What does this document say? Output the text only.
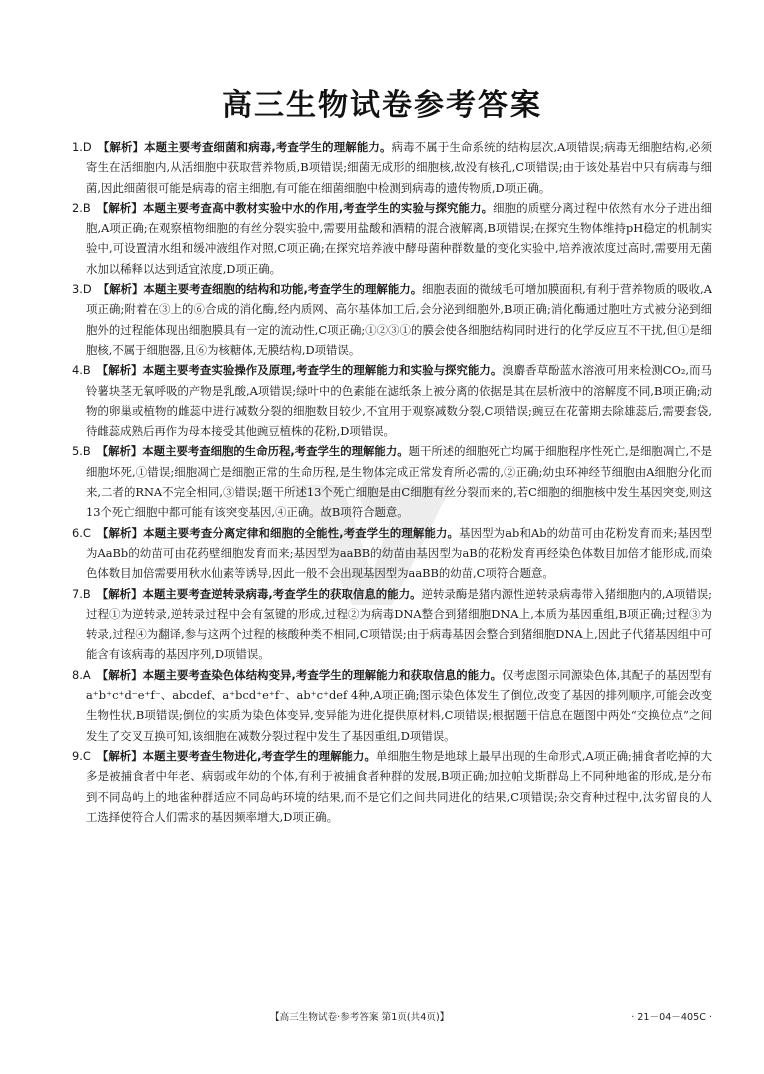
高三生物试卷参考答案

1.D 【解析】本题主要考查细菌和病毒,考查学生的理解能力。病毒不属于生命系统的结构层次,A项错误;病毒无细胞结构,必须寄生在活细胞内,从活细胞中获取营养物质,B项错误;细菌无成形的细胞核,故没有核孔,C项错误;由于该处基岩中只有病毒与细菌,因此细菌很可能是病毒的宿主细胞,有可能在细菌细胞中检测到病毒的遗传物质,D项正确。

2.B 【解析】本题主要考查高中教材实验中水的作用,考查学生的实验与探究能力。细胞的质壁分离过程中依然有水分子进出细胞,A项正确;在观察植物细胞的有丝分裂实验中,需要用盐酸和酒精的混合液解离,B项错误;在探究生物体维持pH稳定的机制实验中,可设置清水组和缓冲液组作对照,C项正确;在探究培养液中酵母菌种群数量的变化实验中,培养液浓度过高时,需要用无菌水加以稀释以达到适宜浓度,D项正确。

3.D 【解析】本题主要考查细胞的结构和功能,考查学生的理解能力。细胞表面的微绒毛可增加膜面积,有利于营养物质的吸收,A项正确;附着在③上的⑥合成的消化酶,经内质网、高尔基体加工后,会分泌到细胞外,B项正确;消化酶通过胞吐方式被分泌到细胞外的过程能体现出细胞膜具有一定的流动性,C项正确;①②③①的膜会使各细胞结构同时进行的化学反应互不干扰,但①是细胞核,不属于细胞器,且⑥为核糖体,无膜结构,D项错误。

4.B 【解析】本题主要考查实验操作及原理,考查学生的理解能力和实验与探究能力。溴麝香草酚蓝水溶液可用来检测CO₂,而马铃薯块茎无氧呼吸的产物是乳酸,A项错误;绿叶中的色素能在滤纸条上被分离的依据是其在层析液中的溶解度不同,B项正确;动物的卵巢或植物的雌蕊中进行减数分裂的细胞数目较少,不宜用于观察减数分裂,C项错误;豌豆在花蕾期去除雄蕊后,需要套袋,待雌蕊成熟后再作为母本接受其他豌豆植株的花粉,D项错误。

5.B 【解析】本题主要考查细胞的生命历程,考查学生的理解能力。题干所述的细胞死亡均属于细胞程序性死亡,是细胞凋亡,不是细胞坏死,①错误;细胞凋亡是细胞正常的生命历程,是生物体完成正常发育所必需的,②正确;幼虫环神经节细胞由A细胞分化而来,二者的RNA不完全相同,③错误;题干所述13个死亡细胞是由C细胞有丝分裂而来的,若C细胞的细胞核中发生基因突变,则这13个死亡细胞中都可能有该突变基因,④正确。故B项符合题意。

6.C 【解析】本题主要考查分离定律和细胞的全能性,考查学生的理解能力。基因型为ab和Ab的幼苗可由花粉发育而来;基因型为AaBb的幼苗可由花药壁细胞发育而来;基因型为aaBB的幼苗由基因型为aB的花粉发育再经染色体数目加倍才能形成,而染色体数目加倍需要用秋水仙素等诱导,因此一般不会出现基因型为aaBB的幼苗,C项符合题意。

7.B 【解析】本题主要考查逆转录病毒,考查学生的获取信息的能力。逆转录酶是猪内源性逆转录病毒带入猪细胞内的,A项错误;过程①为逆转录,逆转录过程中会有氢键的形成,过程②为病毒DNA整合到猪细胞DNA上,本质为基因重组,B项正确;过程③为转录,过程④为翻译,参与这两个过程的核酸种类不相同,C项错误;由于病毒基因会整合到猪细胞DNA上,因此子代猪基因组中可能含有该病毒的基因序列,D项错误。

8.A 【解析】本题主要考查染色体结构变异,考查学生的理解能力和获取信息的能力。仅考虑图示同源染色体,其配子的基因型有a⁺b⁺c⁺d⁻e⁺f⁻、abcdef、a⁺bcd⁺e⁺f⁻、ab⁺c⁺def 4种,A项正确;图示染色体发生了倒位,改变了基因的排列顺序,可能会改变生物性状,B项错误;倒位的实质为染色体变异,变异能为进化提供原材料,C项错误;根据题干信息在题图中两处“交换位点”之间发生了交叉互换可知,该细胞在减数分裂过程中发生了基因重组,D项错误。

9.C 【解析】本题主要考查生物进化,考查学生的理解能力。单细胞生物是地球上最早出现的生命形式,A项正确;捕食者吃掉的大多是被捕食者中年老、病弱或年幼的个体,有利于被捕食者种群的发展,B项正确;加拉帕戈斯群岛上不同种地雀的形成,是分布到不同岛屿上的地雀种群适应不同岛屿环境的结果,而不是它们之间共同进化的结果,C项错误;杂交育种过程中,汰劣留良的人工选择使符合人们需求的基因频率增大,D项正确。

【高三生物试卷·参考答案 第1页(共4页)】	· 21－04－405C ·
